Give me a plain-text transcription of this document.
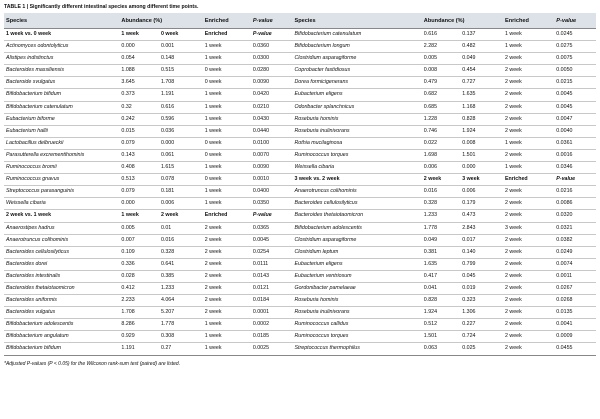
TABLE 1 | Significantly different intestinal species among different time points.
Species	Abundance (%)		Enriched	P-value	Species	Abundance (%)		Enriched	P-value
1 week vs. 0 week	1 week	0 week	Enriched	P-value	Bifidobacterium catenulatum	0.616	0.137	1 week	0.0245
Actinomyces odontolyticus	0.000	0.001	1 week	0.0360	Bifidobacterium longum	2.282	0.482	1 week	0.0275
Alistipes indistinctus	0.054	0.148	1 week	0.0300	Clostridium asparagiforme	0.005	0.049	2 week	0.0075
Bacteroides massiliensis	1.088	0.515	0 week	0.0280	Coprobacter fastidiosus	0.008	0.454	2 week	0.0050
Bacteroide svulgatus	3.645	1.708	0 week	0.0090	Dorea formicigenerans	0.479	0.727	2 week	0.0215
Bifidobacterium bifidum	0.373	1.191	1 week	0.0420	Eubacterium eligens	0.682	1.635	2 week	0.0045
Bifidobacterium catenulatum	0.32	0.616	1 week	0.0210	Odoribacter splanchnicus	0.685	1.168	2 week	0.0045
Eubacterium biforme	0.242	0.596	1 week	0.0430	Roseburia hominis	1.228	0.828	2 week	0.0047
Eubacterium hallii	0.015	0.036	1 week	0.0440	Roseburia inulinivorans	0.746	1.924	2 week	0.0040
Lactobacillus delbrueckii	0.079	0.000	0 week	0.0100	Rothia mucilaginosa	0.022	0.008	1 week	0.0361
Parasutterella excrementihominis	0.143	0.061	0 week	0.0070	Ruminococcus torques	1.698	1.501	2 week	0.0016
Ruminococcus bromii	0.408	1.615	1 week	0.0090	Weissella cibaria	0.006	0.000	1 week	0.0346
Ruminococcus gnavus	0.513	0.078	0 week	0.0010	3 week vs. 2 week	2 week	3 week	Enriched	P-value
Streptococcus parasanguinis	0.079	0.181	1 week	0.0400	Anaerotruncus colihominis	0.016	0.006	2 week	0.0216
Weissella cibaria	0.000	0.006	1 week	0.0350	Bacteroides cellulosilyticus	0.328	0.179	2 week	0.0086
2 week vs. 1 week	1 week	2 week	Enriched	P-value	Bacteroides thetaiotaomicron	1.233	0.473	2 week	0.0320
Anaerostipes hadrus	0.005	0.01	2 week	0.0365	Bifidobacterium adolescentis	1.778	2.843	3 week	0.0321
Anaerotruncus colihominis	0.007	0.016	2 week	0.0045	Clostridium asparagiforme	0.049	0.017	2 week	0.0382
Bacteroides cellulosilyticus	0.109	0.328	2 week	0.0254	Clostridium leptum	0.381	0.140	2 week	0.0249
Bacteroides dorei	0.336	0.641	2 week	0.0111	Eubacterium eligens	1.635	0.799	2 week	0.0074
Bacteroides intestinalis	0.028	0.385	2 week	0.0143	Eubacterium ventriosum	0.417	0.045	2 week	0.0011
Bacteroides thetaiotaomicron	0.412	1.233	2 week	0.0121	Gordonibacter pamelaeae	0.041	0.019	2 week	0.0267
Bacteroides uniformis	2.233	4.064	2 week	0.0184	Roseburia hominis	0.828	0.323	2 week	0.0268
Bacteroides vulgatus	1.708	5.207	2 week	0.0001	Roseburia inulinivorans	1.924	1.306	2 week	0.0135
Bifidobacterium adolescentis	8.286	1.778	1 week	0.0002	Ruminococcus callidus	0.512	0.227	2 week	0.0041
Bifidobacterium angulatum	0.929	0.308	1 week	0.0185	Ruminococcus torques	1.501	0.724	2 week	0.0009
Bifidobacterium bifidum	1.191	0.27	1 week	0.0025	Streptococcus thermophilus	0.063	0.025	2 week	0.0455
*Adjusted P-values (P < 0.05) for the Wilcoxon rank-sum test (paired) are listed.
